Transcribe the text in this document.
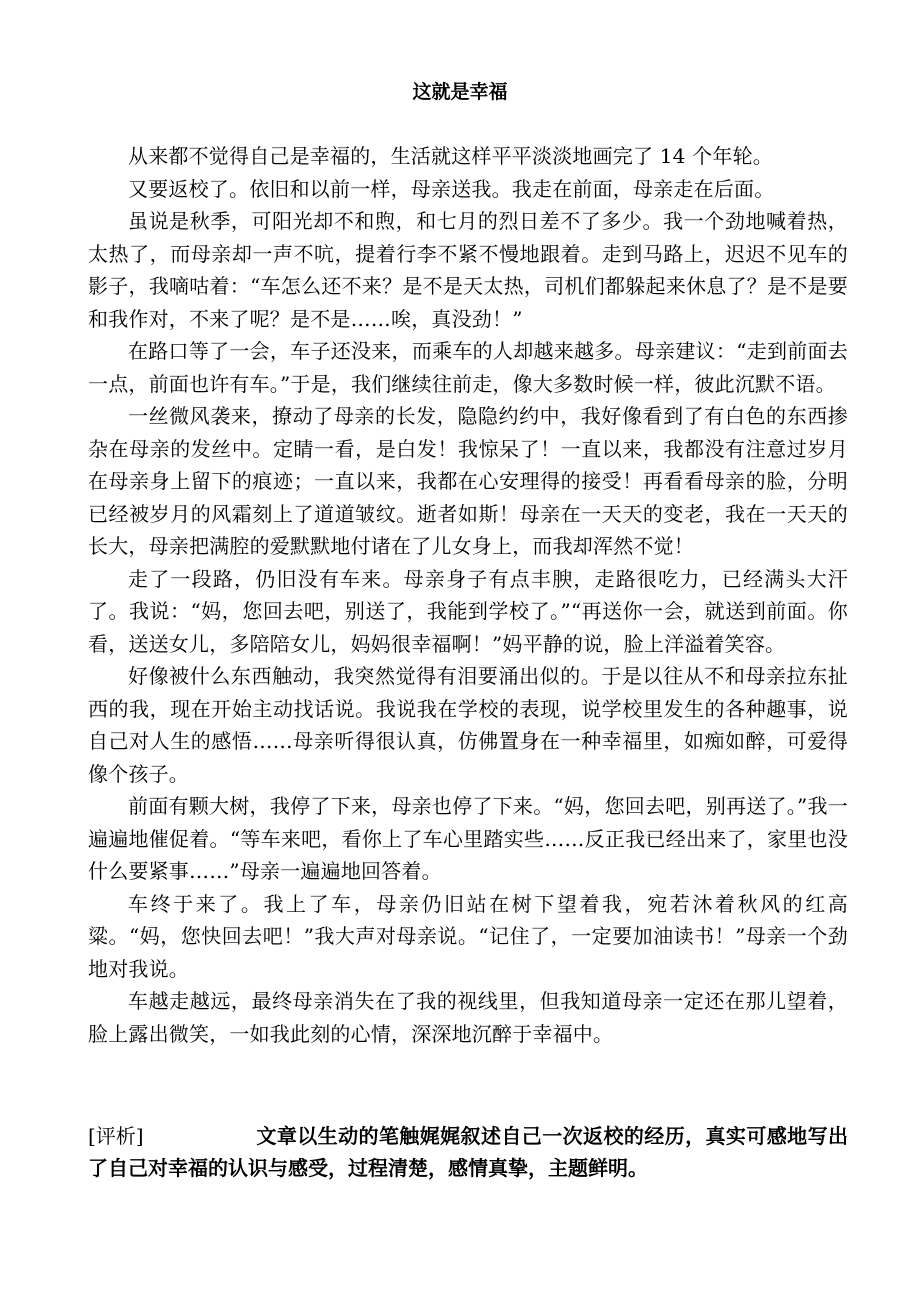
这就是幸福

从来都不觉得自己是幸福的，生活就这样平平淡淡地画完了 14 个年轮。

又要返校了。依旧和以前一样，母亲送我。我走在前面，母亲走在后面。

虽说是秋季，可阳光却不和煦，和七月的烈日差不了多少。我一个劲地喊着热，太热了，而母亲却一声不吭，提着行李不紧不慢地跟着。走到马路上，迟迟不见车的影子，我嘀咕着：“车怎么还不来？是不是天太热，司机们都躲起来休息了？是不是要和我作对，不来了呢？是不是……唉，真没劲！”

在路口等了一会，车子还没来，而乘车的人却越来越多。母亲建议：“走到前面去一点，前面也许有车。”于是，我们继续往前走，像大多数时候一样，彼此沉默不语。

一丝微风袭来，撩动了母亲的长发，隐隐约约中，我好像看到了有白色的东西掺杂在母亲的发丝中。定睛一看，是白发！我惊呆了！一直以来，我都没有注意过岁月在母亲身上留下的痕迹；一直以来，我都在心安理得的接受！再看看母亲的脸，分明已经被岁月的风霜刻上了道道皱纹。逝者如斯！母亲在一天天的变老，我在一天天的长大，母亲把满腔的爱默默地付诸在了儿女身上，而我却浑然不觉！

走了一段路，仍旧没有车来。母亲身子有点丰腴，走路很吃力，已经满头大汗了。我说：“妈，您回去吧，别送了，我能到学校了。”“再送你一会，就送到前面。你看，送送女儿，多陪陪女儿，妈妈很幸福啊！”妈平静的说，脸上洋溢着笑容。

好像被什么东西触动，我突然觉得有泪要涌出似的。于是以往从不和母亲拉东扯西的我，现在开始主动找话说。我说我在学校的表现，说学校里发生的各种趣事，说自己对人生的感悟……母亲听得很认真，仿佛置身在一种幸福里，如痴如醉，可爱得像个孩子。

前面有颗大树，我停了下来，母亲也停了下来。“妈，您回去吧，别再送了。”我一遍遍地催促着。“等车来吧，看你上了车心里踏实些……反正我已经出来了，家里也没什么要紧事……”母亲一遍遍地回答着。

车终于来了。我上了车，母亲仍旧站在树下望着我，宛若沐着秋风的红高粱。“妈，您快回去吧！”我大声对母亲说。“记住了，一定要加油读书！”母亲一个劲地对我说。

车越走越远，最终母亲消失在了我的视线里，但我知道母亲一定还在那儿望着，脸上露出微笑，一如我此刻的心情，深深地沉醉于幸福中。

[评析]	文章以生动的笔触娓娓叙述自己一次返校的经历，真实可感地写出了自己对幸福的认识与感受，过程清楚，感情真挚，主题鲜明。
